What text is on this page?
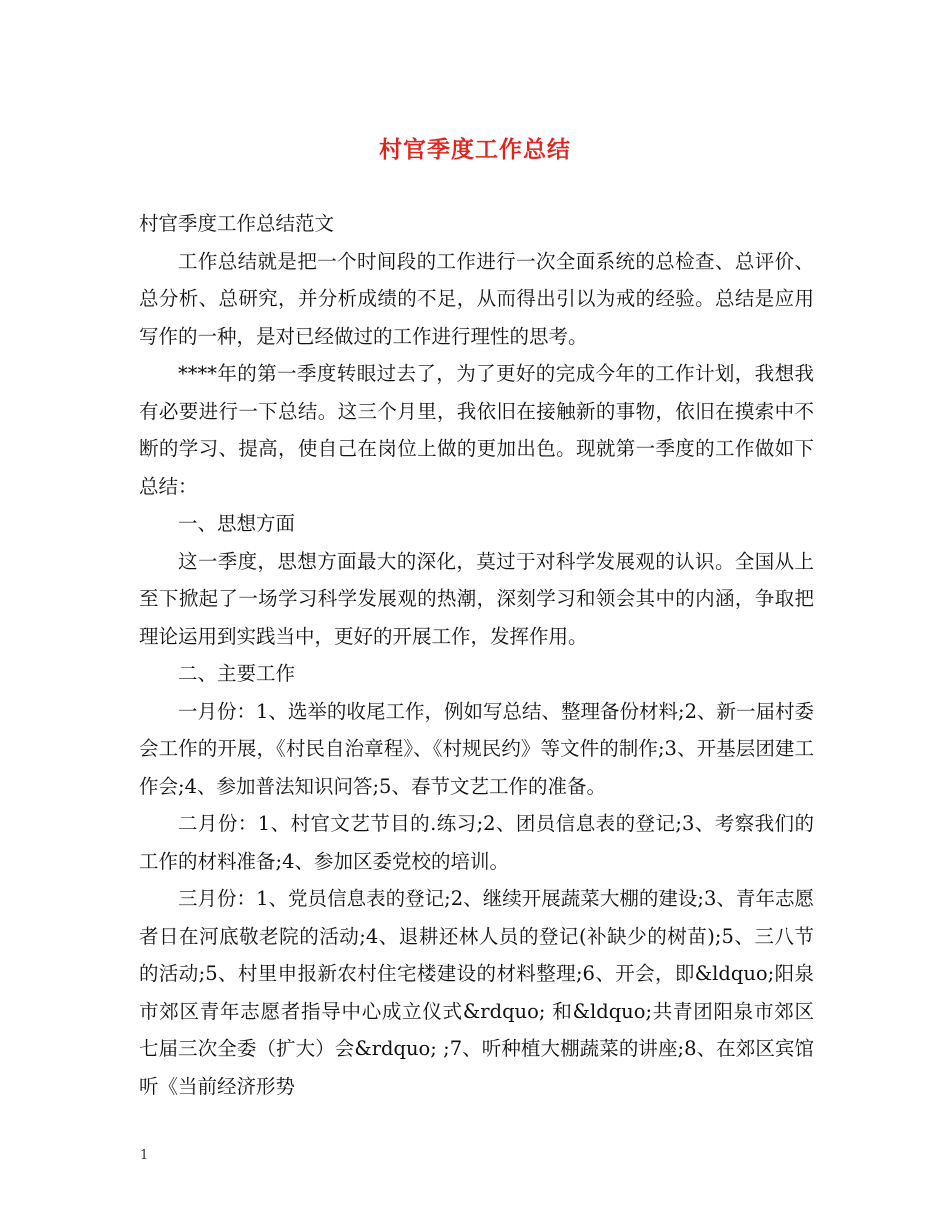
村官季度工作总结

村官季度工作总结范文

工作总结就是把一个时间段的工作进行一次全面系统的总检查、总评价、总分析、总研究，并分析成绩的不足，从而得出引以为戒的经验。总结是应用写作的一种，是对已经做过的工作进行理性的思考。

****年的第一季度转眼过去了，为了更好的完成今年的工作计划，我想我有必要进行一下总结。这三个月里，我依旧在接触新的事物，依旧在摸索中不断的学习、提高，使自己在岗位上做的更加出色。现就第一季度的工作做如下总结：

一、思想方面

这一季度，思想方面最大的深化，莫过于对科学发展观的认识。全国从上至下掀起了一场学习科学发展观的热潮，深刻学习和领会其中的内涵，争取把理论运用到实践当中，更好的开展工作，发挥作用。

二、主要工作

一月份：1、选举的收尾工作，例如写总结、整理备份材料;2、新一届村委会工作的开展，《村民自治章程》、《村规民约》等文件的制作;3、开基层团建工作会;4、参加普法知识问答;5、春节文艺工作的准备。

二月份：1、村官文艺节目的.练习;2、团员信息表的登记;3、考察我们的工作的材料准备;4、参加区委党校的培训。

三月份：1、党员信息表的登记;2、继续开展蔬菜大棚的建设;3、青年志愿者日在河底敬老院的活动;4、退耕还林人员的登记(补缺少的树苗);5、三八节的活动;5、村里申报新农村住宅楼建设的材料整理;6、开会，即&ldquo;阳泉市郊区青年志愿者指导中心成立仪式&rdquo; 和&ldquo;共青团阳泉市郊区七届三次全委（扩大）会&rdquo; ;7、听种植大棚蔬菜的讲座;8、在郊区宾馆听《当前经济形势

1
